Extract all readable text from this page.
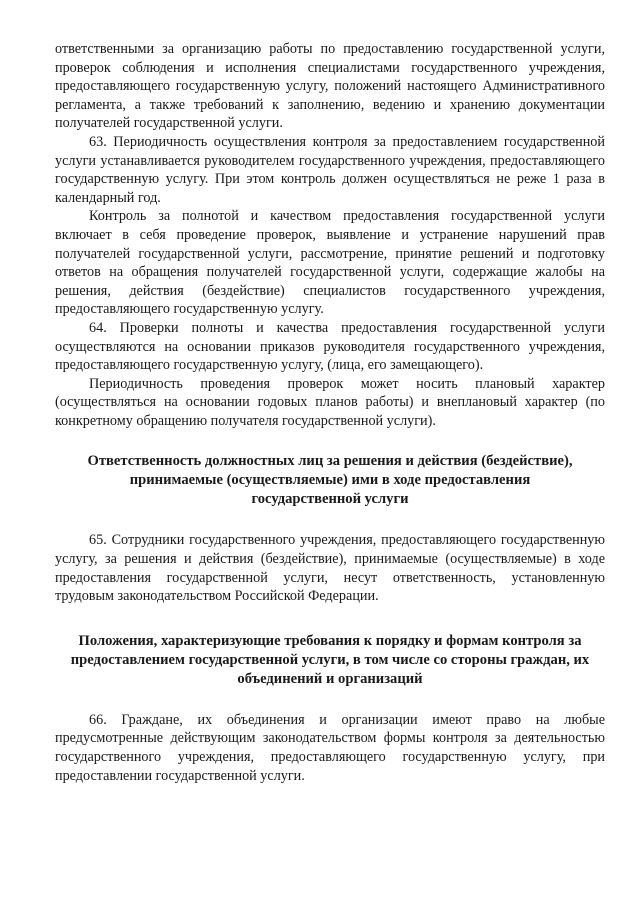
ответственными за организацию работы по предоставлению государственной услуги, проверок соблюдения и исполнения специалистами государственного учреждения, предоставляющего государственную услугу, положений настоящего Административного регламента, а также требований к заполнению, ведению и хранению документации получателей государственной услуги.

63. Периодичность осуществления контроля за предоставлением государственной услуги устанавливается руководителем государственного учреждения, предоставляющего государственную услугу. При этом контроль должен осуществляться не реже 1 раза в календарный год.

Контроль за полнотой и качеством предоставления государственной услуги включает в себя проведение проверок, выявление и устранение нарушений прав получателей государственной услуги, рассмотрение, принятие решений и подготовку ответов на обращения получателей государственной услуги, содержащие жалобы на решения, действия (бездействие) специалистов государственного учреждения, предоставляющего государственную услугу.

64. Проверки полноты и качества предоставления государственной услуги осуществляются на основании приказов руководителя государственного учреждения, предоставляющего государственную услугу, (лица, его замещающего).

Периодичность проведения проверок может носить плановый характер (осуществляться на основании годовых планов работы) и внеплановый характер (по конкретному обращению получателя государственной услуги).

Ответственность должностных лиц за решения и действия (бездействие),

принимаемые (осуществляемые) ими в ходе предоставления

государственной услуги

65. Сотрудники государственного учреждения, предоставляющего государственную услугу, за решения и действия (бездействие), принимаемые (осуществляемые) в ходе предоставления государственной услуги, несут ответственность, установленную трудовым законодательством Российской Федерации.

Положения, характеризующие требования к порядку и формам контроля за

предоставлением государственной услуги, в том числе со стороны граждан, их

объединений и организаций

66. Граждане, их объединения и организации имеют право на любые предусмотренные действующим законодательством формы контроля за деятельностью государственного учреждения, предоставляющего государственную услугу, при предоставлении государственной услуги.
